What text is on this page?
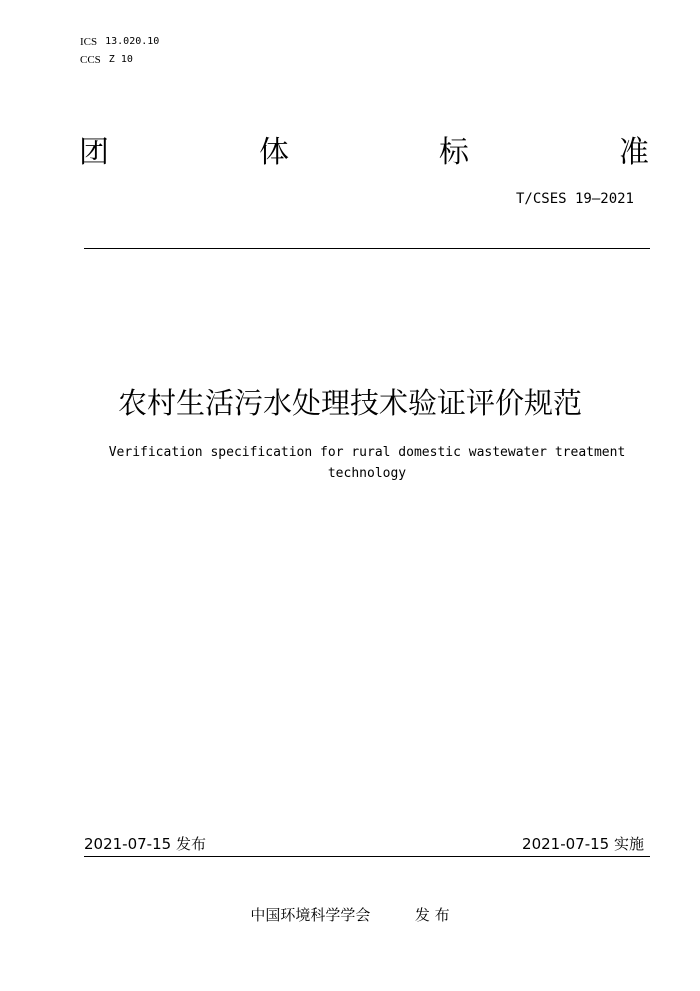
ICS 13.020.10
CCS Z 10
团	体	标	准
T/CSES 19—2021
农村生活污水处理技术验证评价规范
Verification specification for rural domestic wastewater treatment technology
2021-07-15 发布	2021-07-15 实施
中国环境科学学会	发 布
